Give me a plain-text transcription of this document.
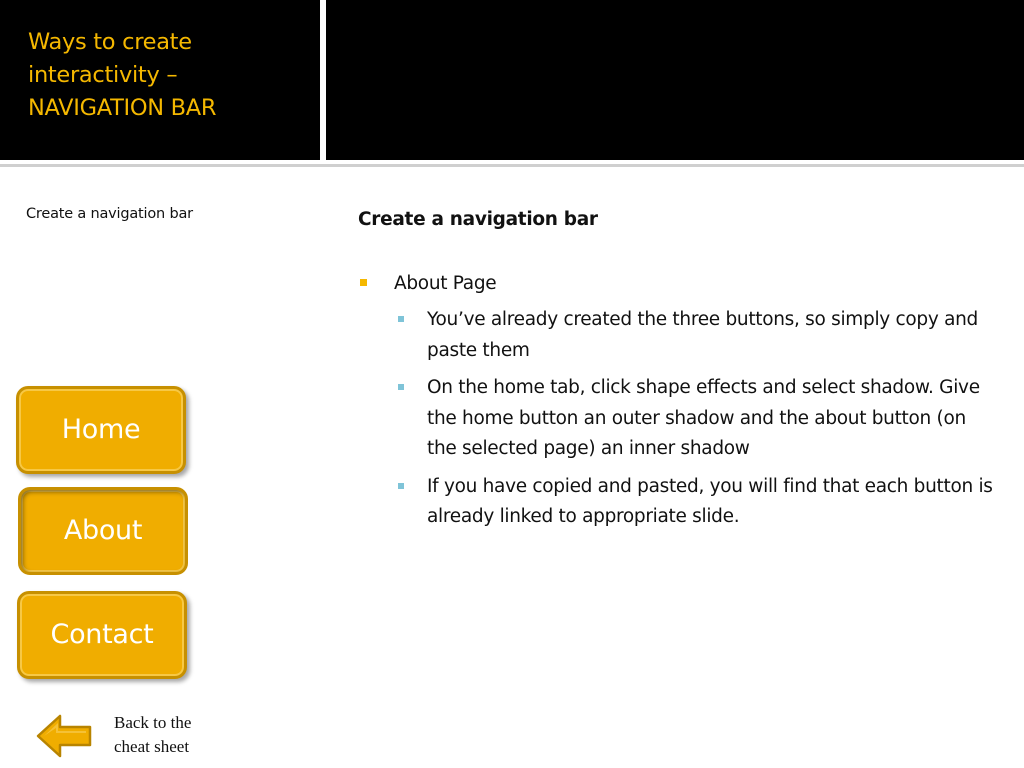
Ways to create interactivity – NAVIGATION BAR

Create a navigation bar	Create a navigation bar

About Page
You’ve already created the three buttons, so simply copy and paste them
On the home tab, click shape effects and select shadow. Give the home button an outer shadow and the about button (on the selected page) an inner shadow
If you have copied and pasted, you will find that each button is already linked to appropriate slide.
Home
About
Contact

Back to the cheat sheet
